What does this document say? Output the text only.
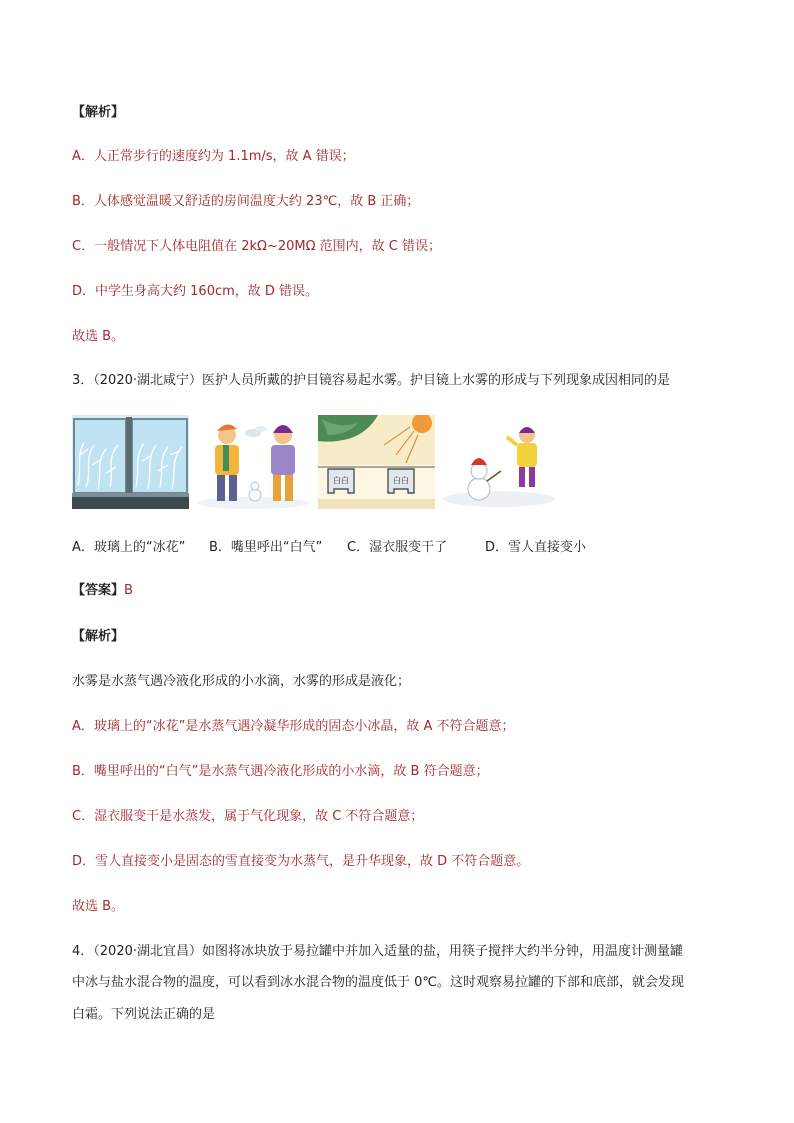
【解析】
A．人正常步行的速度约为 1.1m/s，故 A 错误；
B．人体感觉温暖又舒适的房间温度大约 23℃，故 B 正确；
C．一般情况下人体电阻值在 2kΩ~20MΩ 范围内，故 C 错误；
D．中学生身高大约 160cm，故 D 错误。
故选 B。
3．（2020·湖北咸宁）医护人员所戴的护目镜容易起水雾。护目镜上水雾的形成与下列现象成因相同的是
白白	白白
A．玻璃上的“冰花”	B．嘴里呼出“白气”	C．湿衣服变干了	D．雪人直接变小
【答案】B
【解析】
水雾是水蒸气遇冷液化形成的小水滴，水雾的形成是液化；
A．玻璃上的“冰花”是水蒸气遇冷凝华形成的固态小冰晶，故 A 不符合题意；
B．嘴里呼出的“白气”是水蒸气遇冷液化形成的小水滴，故 B 符合题意；
C．湿衣服变干是水蒸发，属于气化现象，故 C 不符合题意；
D．雪人直接变小是固态的雪直接变为水蒸气，是升华现象，故 D 不符合题意。
故选 B。
4．（2020·湖北宜昌）如图将冰块放于易拉罐中并加入适量的盐，用筷子搅拌大约半分钟，用温度计测量罐
中冰与盐水混合物的温度，可以看到冰水混合物的温度低于 0℃。这时观察易拉罐的下部和底部，就会发现
白霜。下列说法正确的是
